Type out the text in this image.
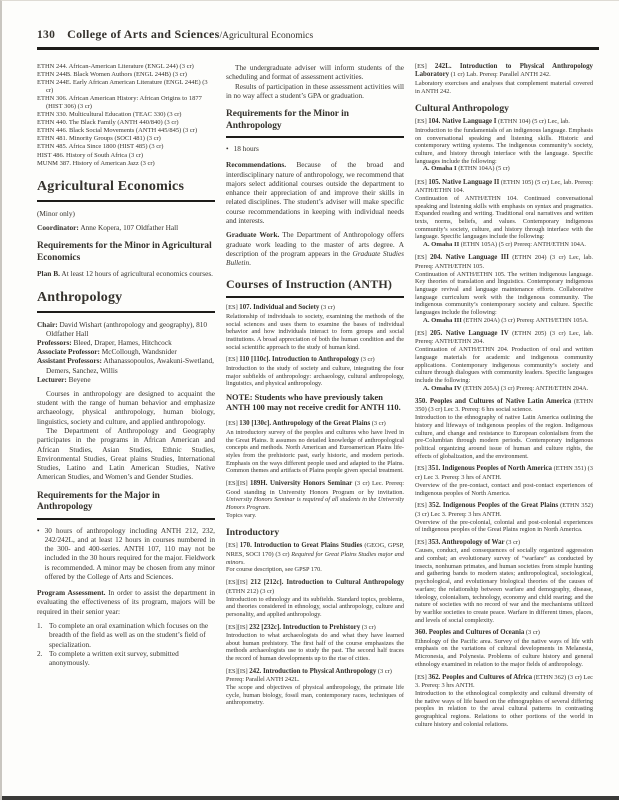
130 College of Arts and Sciences/Agricultural Economics
ETHN 244. African-American Literature (ENGL 244) (3 cr)
ETHN 244B. Black Women Authors (ENGL 244B) (3 cr)
ETHN 244E. Early African American Literature (ENGL 244E) (3 cr)
ETHN 306. African American History: African Origins to 1877 (HIST 306) (3 cr)
ETHN 330. Multicultural Education (TEAC 330) (3 cr)
ETHN 440. The Black Family (ANTH 440/840) (3 cr)
ETHN 446. Black Social Movements (ANTH 445/845) (3 cr)
ETHN 481. Minority Groups (SOCI 481) (3 cr)
ETHN 485. Africa Since 1800 (HIST 485) (3 cr)
HIST 486. History of South Africa (3 cr)
MUNM 387. History of American Jazz (3 cr)
Agricultural Economics
(Minor only)
Coordinator: Anne Kopera, 107 Oldfather Hall
Requirements for the Minor in Agricultural Economics
Plan B. At least 12 hours of agricultural economics courses.
Anthropology
Chair: David Wishart (anthropology and geography), 810 Oldfather Hall
Professors: Bleed, Draper, Hames, Hitchcock
Associate Professor: McCollough, Wandsnider
Assistant Professors: Athanassopoulos, Awakuni-Swetland, Demers, Sanchez, Willis
Lecturer: Beyene
Courses in anthropology are designed to acquaint the student with the range of human behavior and emphasize archaeology, physical anthropology, human biology, linguistics, society and culture, and applied anthropology.
The Department of Anthropology and Geography participates in the programs in African American and African Studies, Asian Studies, Ethnic Studies, Environmental Studies, Great plains Studies, International Studies, Latino and Latin American Studies, Native American Studies, and Women’s and Gender Studies.
Requirements for the Major in Anthropology
• 30 hours of anthropology including ANTH 212, 232, 242/242L, and at least 12 hours in courses numbered in the 300- and 400-series. ANTH 107, 110 may not be included in the 30 hours required for the major. Fieldwork is recommended. A minor may be chosen from any minor offered by the College of Arts and Sciences.
Program Assessment. In order to assist the department in evaluating the effectiveness of its program, majors will be required in their senior year:
1. To complete an oral examination which focuses on the breadth of the field as well as on the student’s field of specialization.
2. To complete a written exit survey, submitted anonymously.
The undergraduate adviser will inform students of the scheduling and format of assessment activities.
Results of participation in these assessment activities will in no way affect a student’s GPA or graduation.
Requirements for the Minor in Anthropology
• 18 hours
Recommendations. Because of the broad and interdisciplinary nature of anthropology, we recommend that majors select additional courses outside the department to enhance their appreciation of and improve their skills in related disciplines. The student’s adviser will make specific course recommendations in keeping with individual needs and interests.
Graduate Work. The Department of Anthropology offers graduate work leading to the master of arts degree. A description of the program appears in the Graduate Studies Bulletin.
Courses of Instruction (ANTH)
[ES] 107. Individual and Society (3 cr)
Relationship of individuals to society, examining the methods of the social sciences and uses them to examine the bases of individual behavior and how individuals interact to form groups and social institutions. A broad appreciation of both the human condition and the social scientific approach to the study of human kind.
[ES] 110 [110c]. Introduction to Anthropology (3 cr)
Introduction to the study of society and culture, integrating the four major subfields of anthropology: archaeology, cultural anthropology, linguistics, and physical anthropology.
NOTE: Students who have previously taken ANTH 100 may not receive credit for ANTH 110.
[ES] 130 [130c]. Anthropology of the Great Plains (3 cr)
An introductory survey of the peoples and cultures who have lived in the Great Plains. It assumes no detailed knowledge of anthropological concepts and methods. North American and Euroamerican Plains life-styles from the prehistoric past, early historic, and modern periods. Emphasis on the ways different people used and adapted to the Plains. Common themes and artifacts of Plains people given special treatment.
[ES][IS] 189H. University Honors Seminar (3 cr) Lec. Prereq: Good standing in University Honors Program or by invitation. University Honors Seminar is required of all students in the University Honors Program.
Topics vary.
Introductory
[ES] 170. Introduction to Great Plains Studies (GEOG, GPSP, NRES, SOCI 170) (3 cr) Required for Great Plains Studies major and minors.
For course description, see GPSP 170.
[ES][IS] 212 [212c]. Introduction to Cultural Anthropology (ETHN 212) (3 cr)
Introduction to ethnology and its subfields. Standard topics, problems, and theories considered in ethnology, social anthropology, culture and personality, and applied anthropology.
[ES][IS] 232 [232c]. Introduction to Prehistory (3 cr)
Introduction to what archaeologists do and what they have learned about human prehistory. The first half of the course emphasizes the methods archaeologists use to study the past. The second half traces the record of human developments up to the rise of cities.
[ES][IS] 242. Introduction to Physical Anthropology (3 cr)
Prereq: Parallel ANTH 242L.
The scope and objectives of physical anthropology, the primate life cycle, human biology, fossil man, contemporary races, techniques of anthropometry.
[ES] 242L. Introduction to Physical Anthropology Laboratory (1 cr) Lab. Prereq: Parallel ANTH 242.
Laboratory exercises and analyses that complement material covered in ANTH 242.
Cultural Anthropology
[ES] 104. Native Language I (ETHN 104) (5 cr) Lec, lab.
Introduction to the fundamentals of an indigenous language. Emphasis on conversational speaking and listening skills. Historic and contemporary writing systems. The indigenous community’s society, culture, and history through interface with the language. Specific languages include the following:
A. Omaha I (ETHN 104A) (5 cr)
[ES] 105. Native Language II (ETHN 105) (5 cr) Lec, lab. Prereq: ANTH/ETHN 104.
Continuation of ANTH/ETHN 104. Continued conversational speaking and listening skills with emphasis on syntax and pragmatics. Expanded reading and writing. Traditional oral narratives and written texts, norms, beliefs, and values. Contemporary indigenous community’s society, culture, and history through interface with the language. Specific languages include the following:
A. Omaha II (ETHN 105A) (5 cr) Prereq: ANTH/ETHN 104A.
[ES] 204. Native Language III (ETHN 204) (3 cr) Lec, lab. Prereq: ANTH/ETHN 105.
Continuation of ANTH/ETHN 105. The written indigenous language. Key theories of translation and linguistics. Contemporary indigenous language revival and language maintenance efforts. Collaborative language curriculum work with the indigenous community. The indigenous community’s contemporary society and culture. Specific languages include the following:
A. Omaha III (ETHN 204A) (3 cr) Prereq: ANTH/ETHN 105A.
[ES] 205. Native Language IV (ETHN 205) (3 cr) Lec, lab. Prereq: ANTH/ETHN 204.
Continuation of ANTH/ETHN 204. Production of oral and written language materials for academic and indigenous community applications. Contemporary indigenous community’s society and culture through dialogues with community leaders. Specific languages include the following:
A. Omaha IV (ETHN 205A) (3 cr) Prereq: ANTH/ETHN 204A.
350. Peoples and Cultures of Native Latin America (ETHN 350) (3 cr) Lec 3. Prereq: 6 hrs social science.
Introduction to the ethnography of native Latin America outlining the history and lifeways of indigenous peoples of the region. Indigenous culture, and change and resistance to European colonialism from the pre-Columbian through modern periods. Contemporary indigenous political organizing around issue of human and culture rights, the effects of globalization, and the environment.
[ES] 351. Indigenous Peoples of North America (ETHN 351) (3 cr) Lec 3. Prereq: 3 hrs of ANTH.
Overview of the pre-contact, contact and post-contact experiences of indigenous peoples of North America.
[ES] 352. Indigenous Peoples of the Great Plains (ETHN 352) (3 cr) Lec 3. Prereq: 3 hrs ANTH.
Overview of the pre-colonial, colonial and post-colonial experiences of indigenous peoples of the Great Plains region in North America.
[ES] 353. Anthropology of War (3 cr)
Causes, conduct, and consequences of socially organized aggression and combat; an evolutionary survey of “warfare” as conducted by insects, nonhuman primates, and human societies from simple hunting and gathering bands to modern states; anthropological, sociological, psychological, and evolutionary biological theories of the causes of warfare; the relationship between warfare and demography, disease, ideology, colonialism, technology, economy and child rearing; and the nature of societies with no record of war and the mechanisms utilized by warlike societies to create peace. Warfare in different times, places, and levels of social complexity.
360. Peoples and Cultures of Oceania (3 cr)
Ethnology of the Pacific area. Survey of the native ways of life with emphasis on the variations of cultural developments in Melanesia, Micronesia, and Polynesia. Problems of culture history and general ethnology examined in relation to the major fields of anthropology.
[ES] 362. Peoples and Cultures of Africa (ETHN 362) (3 cr) Lec 3. Prereq: 3 hrs ANTH.
Introduction to the ethnological complexity and cultural diversity of the native ways of life based on the ethnographies of several differing peoples in relation to the areal cultural patterns in contrasting geographical regions. Relations to other portions of the world in culture history and colonial relations.
